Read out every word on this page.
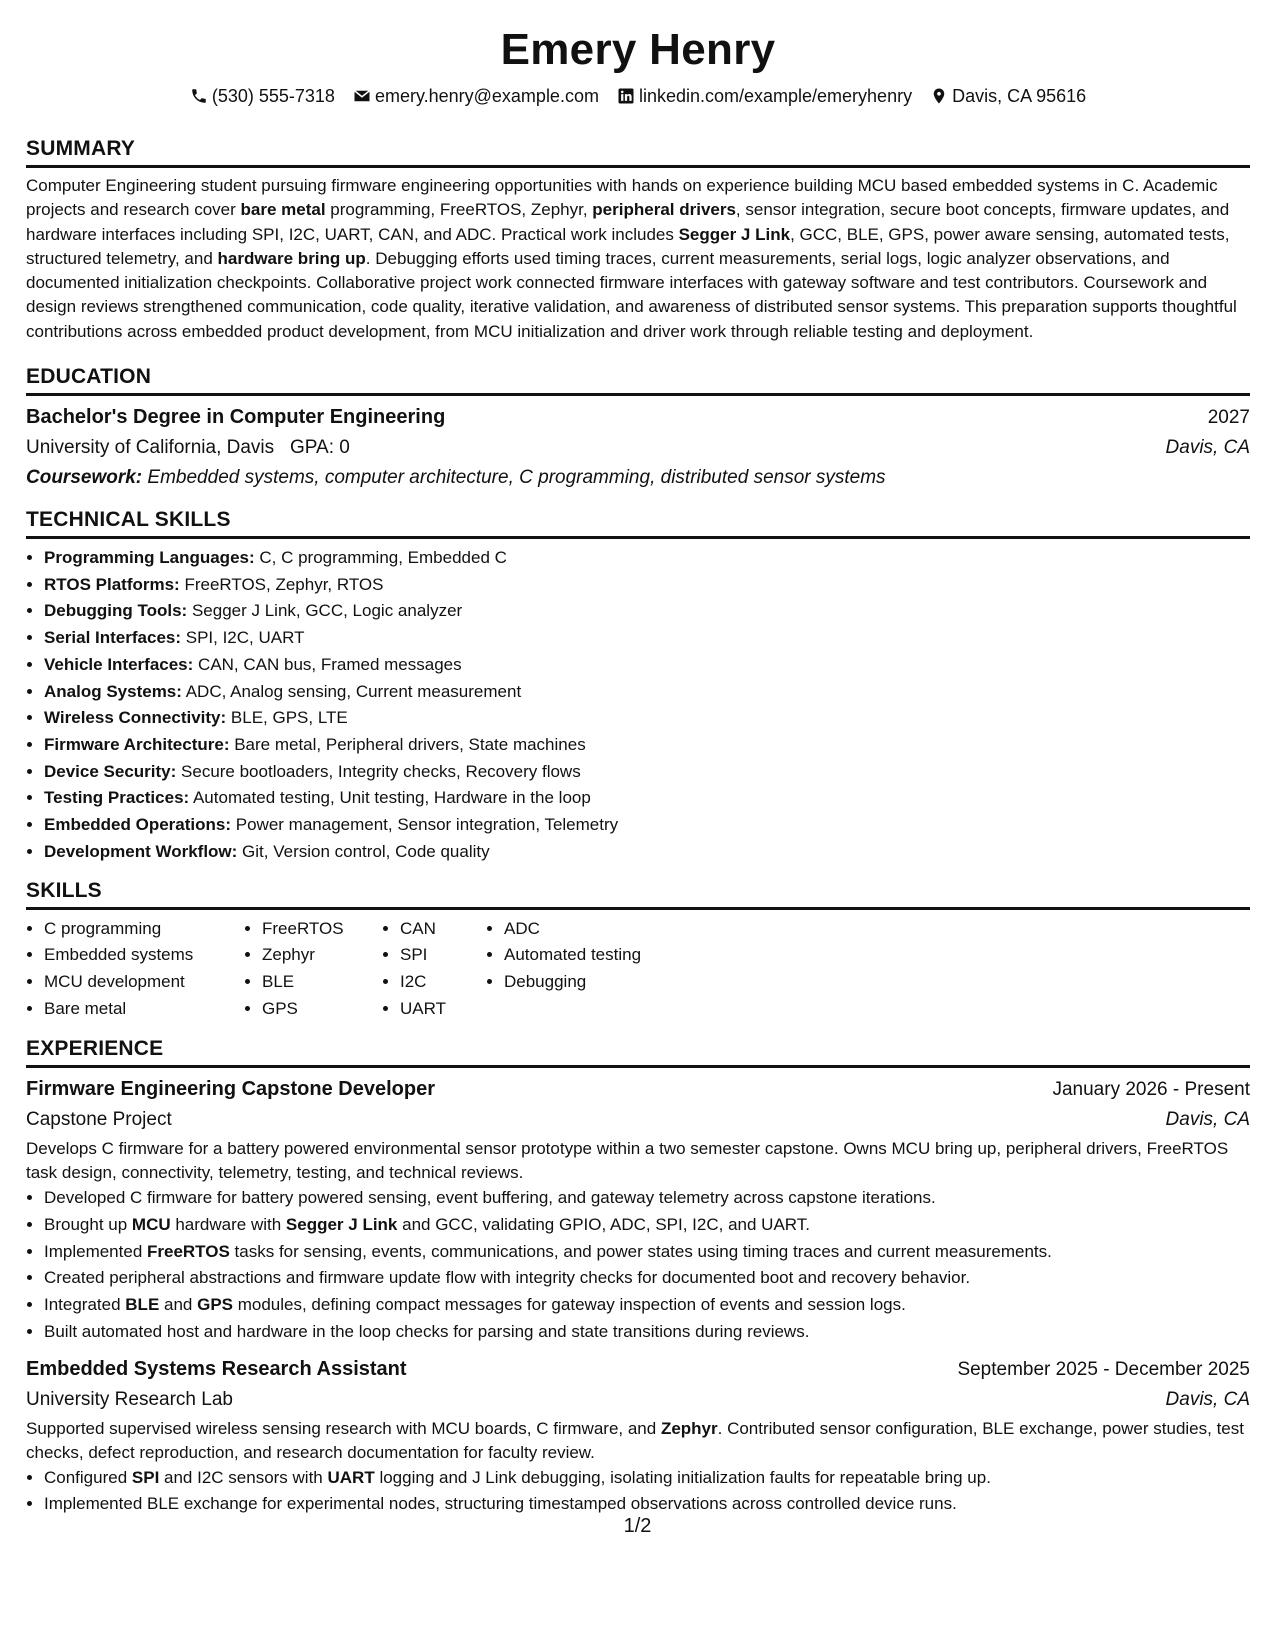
Emery Henry
(530) 555-7318 emery.henry@example.com linkedin.com/example/emeryhenry Davis, CA 95616
SUMMARY

Computer Engineering student pursuing firmware engineering opportunities with hands on experience building MCU based embedded systems in C. Academic projects and research cover bare metal programming, FreeRTOS, Zephyr, peripheral drivers, sensor integration, secure boot concepts, firmware updates, and hardware interfaces including SPI, I2C, UART, CAN, and ADC. Practical work includes Segger J Link, GCC, BLE, GPS, power aware sensing, automated tests, structured telemetry, and hardware bring up. Debugging efforts used timing traces, current measurements, serial logs, logic analyzer observations, and documented initialization checkpoints. Collaborative project work connected firmware interfaces with gateway software and test contributors. Coursework and design reviews strengthened communication, code quality, iterative validation, and awareness of distributed sensor systems. This preparation supports thoughtful contributions across embedded product development, from MCU initialization and driver work through reliable testing and deployment.

EDUCATION
Bachelor's Degree in Computer Engineering	2027
University of California, Davis GPA: 0	Davis, CA
Coursework: Embedded systems, computer architecture, C programming, distributed sensor systems
TECHNICAL SKILLS
• Programming Languages: C, C programming, Embedded C
• RTOS Platforms: FreeRTOS, Zephyr, RTOS
• Debugging Tools: Segger J Link, GCC, Logic analyzer
• Serial Interfaces: SPI, I2C, UART
• Vehicle Interfaces: CAN, CAN bus, Framed messages
• Analog Systems: ADC, Analog sensing, Current measurement
• Wireless Connectivity: BLE, GPS, LTE
• Firmware Architecture: Bare metal, Peripheral drivers, State machines
• Device Security: Secure bootloaders, Integrity checks, Recovery flows
• Testing Practices: Automated testing, Unit testing, Hardware in the loop
• Embedded Operations: Power management, Sensor integration, Telemetry
• Development Workflow: Git, Version control, Code quality
SKILLS
• C programming
• Embedded systems
• MCU development
• Bare metal
• FreeRTOS
• Zephyr
• BLE
• GPS
• CAN
• SPI
• I2C
• UART
• ADC
• Automated testing
• Debugging
EXPERIENCE
Firmware Engineering Capstone Developer	January 2026 - Present
Capstone Project	Davis, CA

Develops C firmware for a battery powered environmental sensor prototype within a two semester capstone. Owns MCU bring up, peripheral drivers, FreeRTOS task design, connectivity, telemetry, testing, and technical reviews.

• Developed C firmware for battery powered sensing, event buffering, and gateway telemetry across capstone iterations.
• Brought up MCU hardware with Segger J Link and GCC, validating GPIO, ADC, SPI, I2C, and UART.
• Implemented FreeRTOS tasks for sensing, events, communications, and power states using timing traces and current measurements.
• Created peripheral abstractions and firmware update flow with integrity checks for documented boot and recovery behavior.
• Integrated BLE and GPS modules, defining compact messages for gateway inspection of events and session logs.
• Built automated host and hardware in the loop checks for parsing and state transitions during reviews.
Embedded Systems Research Assistant	September 2025 - December 2025
University Research Lab	Davis, CA

Supported supervised wireless sensing research with MCU boards, C firmware, and Zephyr. Contributed sensor configuration, BLE exchange, power studies, test checks, defect reproduction, and research documentation for faculty review.

• Configured SPI and I2C sensors with UART logging and J Link debugging, isolating initialization faults for repeatable bring up.
• Implemented BLE exchange for experimental nodes, structuring timestamped observations across controlled device runs.
1/2
